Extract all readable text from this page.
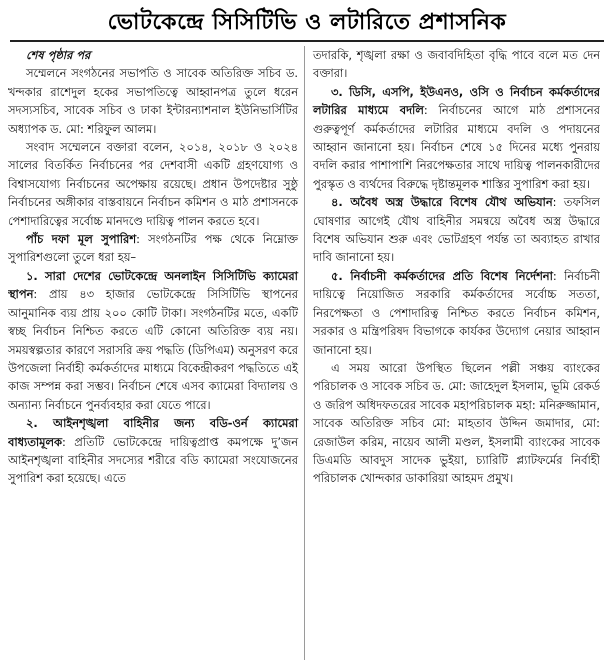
ভোটকেন্দ্রে সিসিটিভি ও লটারিতে প্রশাসনিক

শেষ পৃষ্ঠার পর

সম্মেলনে সংগঠনের সভাপতি ও সাবেক অতিরিক্ত সচিব ড. খন্দকার রাশেদুল হকের সভাপতিত্বে আহ্বানপত্র তুলে ধরেন সদস্যসচিব, সাবেক সচিব ও ঢাকা ইন্টারন্যাশনাল ইউনিভার্সিটির অধ্যাপক ড. মো: শরিফুল আলম।

সংবাদ সম্মেলনে বক্তারা বলেন, ২০১৪, ২০১৮ ও ২০২৪ সালের বিতর্কিত নির্বাচনের পর দেশবাসী একটি গ্রহণযোগ্য ও বিশ্বাসযোগ্য নির্বাচনের অপেক্ষায় রয়েছে। প্রধান উপদেষ্টার সুষ্ঠু নির্বাচনের অঙ্গীকার বাস্তবায়নে নির্বাচন কমিশন ও মাঠ প্রশাসনকে পেশাদারিত্বের সর্বোচ্চ মানদণ্ডে দায়িত্ব পালন করতে হবে।

পাঁচ দফা মূল সুপারিশ: সংগঠনটির পক্ষ থেকে নিম্নোক্ত সুপারিশগুলো তুলে ধরা হয়–

১. সারা দেশের ভোটকেন্দ্রে অনলাইন সিসিটিভি ক্যামেরা স্থাপন: প্রায় ৪৩ হাজার ভোটকেন্দ্রে সিসিটিভি স্থাপনের আনুমানিক ব্যয় প্রায় ২০০ কোটি টাকা। সংগঠনটির মতে, একটি স্বচ্ছ নির্বাচন নিশ্চিত করতে এটি কোনো অতিরিক্ত ব্যয় নয়। সময়স্বল্পতার কারণে সরাসরি ক্রয় পদ্ধতি (ডিপিএম) অনুসরণ করে উপজেলা নির্বাহী কর্মকর্তাদের মাধ্যমে বিকেন্দ্রীকরণ পদ্ধতিতে এই কাজ সম্পন্ন করা সম্ভব। নির্বাচন শেষে এসব ক্যামেরা বিদ্যালয় ও অন্যান্য নির্বাচনে পুনর্ব্যবহার করা যেতে পারে।

২. আইনশৃঙ্খলা বাহিনীর জন্য বডি-ওর্ন ক্যামেরা বাধ্যতামূলক: প্রতিটি ভোটকেন্দ্রে দায়িত্বপ্রাপ্ত কমপক্ষে দু’জন আইনশৃঙ্খলা বাহিনীর সদস্যের শরীরে বডি ক্যামেরা সংযোজনের সুপারিশ করা হয়েছে। এতে

তদারকি, শৃঙ্খলা রক্ষা ও জবাবদিহিতা বৃদ্ধি পাবে বলে মত দেন বক্তারা।

৩. ডিসি, এসপি, ইউএনও, ওসি ও নির্বাচন কর্মকর্তাদের লটারির মাধ্যমে বদলি: নির্বাচনের আগে মাঠ প্রশাসনের গুরুত্বপূর্ণ কর্মকর্তাদের লটারির মাধ্যমে বদলি ও পদায়নের আহ্বান জানানো হয়। নির্বাচন শেষে ১৫ দিনের মধ্যে পুনরায় বদলি করার পাশাপাশি নিরপেক্ষতার সাথে দায়িত্ব পালনকারীদের পুরস্কৃত ও ব্যর্থদের বিরুদ্ধে দৃষ্টান্তমূলক শাস্তির সুপারিশ করা হয়।

৪. অবৈধ অস্ত্র উদ্ধারে বিশেষ যৌথ অভিযান: তফসিল ঘোষণার আগেই যৌথ বাহিনীর সমন্বয়ে অবৈধ অস্ত্র উদ্ধারে বিশেষ অভিযান শুরু এবং ভোটগ্রহণ পর্যন্ত তা অব্যাহত রাখার দাবি জানানো হয়।

৫. নির্বাচনী কর্মকর্তাদের প্রতি বিশেষ নির্দেশনা: নির্বাচনী দায়িত্বে নিয়োজিত সরকারি কর্মকর্তাদের সর্বোচ্চ সততা, নিরপেক্ষতা ও পেশাদারিত্ব নিশ্চিত করতে নির্বাচন কমিশন, সরকার ও মন্ত্রিপরিষদ বিভাগকে কার্যকর উদ্যোগ নেয়ার আহ্বান জানানো হয়।

এ সময় আরো উপস্থিত ছিলেন পল্লী সঞ্চয় ব্যাংকের পরিচালক ও সাবেক সচিব ড. মো: জাহেদুল ইসলাম, ভূমি রেকর্ড ও জরিপ অধিদফতরের সাবেক মহাপরিচালক মহা: মনিরুজ্জামান, সাবেক অতিরিক্ত সচিব মো: মাহতাব উদ্দিন জমাদার, মো: রেজাউল করিম, নায়েব আলী মণ্ডল, ইসলামী ব্যাংকের সাবেক ডিএমডি আবদুস সাদেক ভুইয়া, চ্যারিটি প্ল্যাটফর্মের নির্বাহী পরিচালক খোন্দকার ডাকারিয়া আহমদ প্রমুখ।
